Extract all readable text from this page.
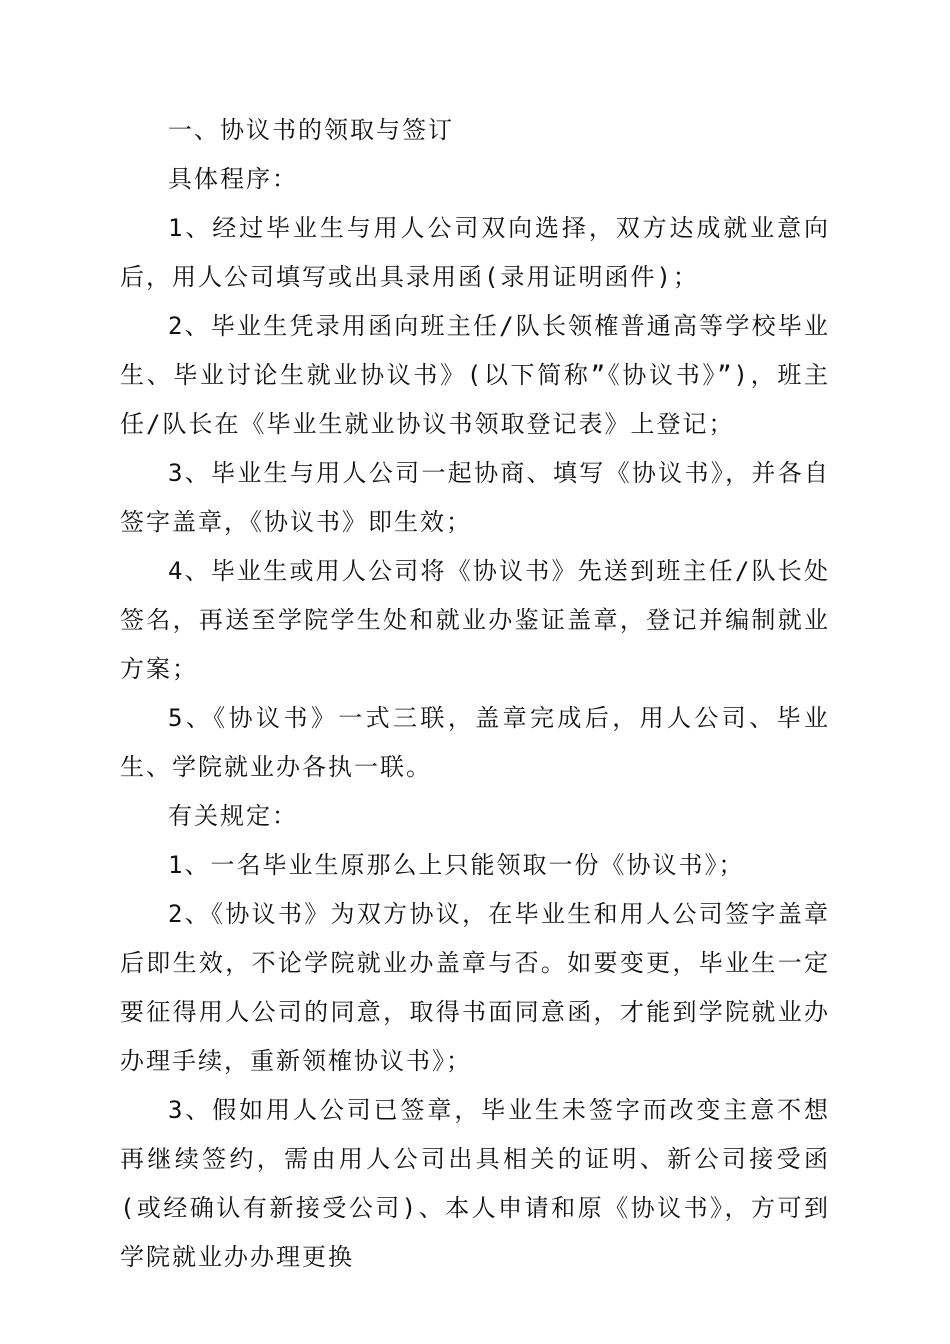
一、协议书的领取与签订

具体程序：

1、经过毕业生与用人公司双向选择，双方达成就业意向后，用人公司填写或出具录用函(录用证明函件)；

2、毕业生凭录用函向班主任/队长领榷普通高等学校毕业生、毕业讨论生就业协议书》(以下简称”《协议书》”)，班主任/队长在《毕业生就业协议书领取登记表》上登记；

3、毕业生与用人公司一起协商、填写《协议书》，并各自签字盖章，《协议书》即生效；

4、毕业生或用人公司将《协议书》先送到班主任/队长处签名，再送至学院学生处和就业办鉴证盖章，登记并编制就业方案；

5、《协议书》一式三联，盖章完成后，用人公司、毕业生、学院就业办各执一联。

有关规定：

1、一名毕业生原那么上只能领取一份《协议书》；

2、《协议书》为双方协议，在毕业生和用人公司签字盖章后即生效，不论学院就业办盖章与否。如要变更，毕业生一定要征得用人公司的同意，取得书面同意函，才能到学院就业办办理手续，重新领榷协议书》；

3、假如用人公司已签章，毕业生未签字而改变主意不想再继续签约，需由用人公司出具相关的证明、新公司接受函(或经确认有新接受公司)、本人申请和原《协议书》，方可到学院就业办办理更换
